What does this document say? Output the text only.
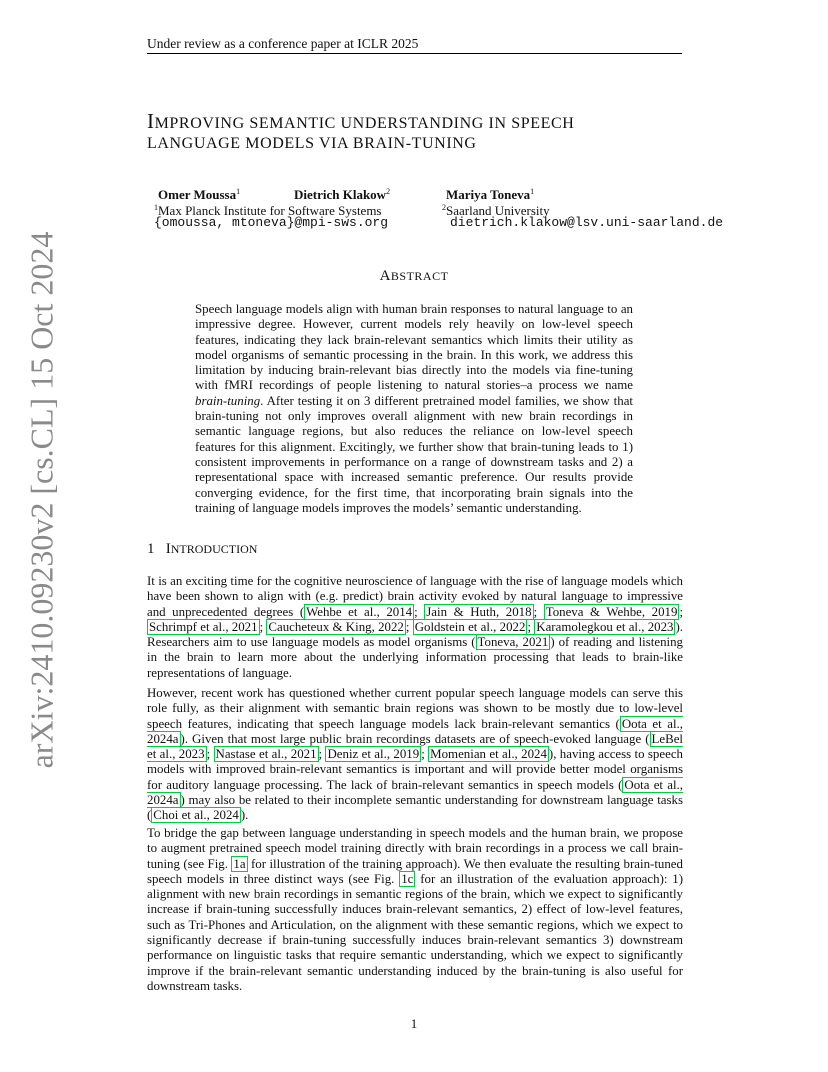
Under review as a conference paper at ICLR 2025
IMPROVING SEMANTIC UNDERSTANDING IN SPEECH
LANGUAGE MODELS VIA BRAIN-TUNING
Omer Moussa$^1$	Dietrich Klakow$^2$	Mariya Toneva$^1$
$^1$Max Planck Institute for Software Systems	$^2$Saarland University
{omoussa, mtoneva}@mpi-sws.org	dietrich.klakow@lsv.uni-saarland.de
ABSTRACT
Speech language models align with human brain responses to natural language to an impressive degree. However, current models rely heavily on low-level speech features, indicating they lack brain-relevant semantics which limits their utility as model organisms of semantic processing in the brain. In this work, we address this limitation by inducing brain-relevant bias directly into the models via fine-tuning with fMRI recordings of people listening to natural stories–a process we name brain-tuning. After testing it on 3 different pretrained model families, we show that brain-tuning not only improves overall alignment with new brain recordings in semantic language regions, but also reduces the reliance on low-level speech features for this alignment. Excitingly, we further show that brain-tuning leads to 1) consistent improvements in performance on a range of downstream tasks and 2) a representational space with increased semantic preference. Our results provide converging evidence, for the first time, that incorporating brain signals into the training of language models improves the models’ semantic understanding.
1 INTRODUCTION
It is an exciting time for the cognitive neuroscience of language with the rise of language models which have been shown to align with (e.g. predict) brain activity evoked by natural language to impressive and unprecedented degrees ( Wehbe et al., 2014 ; Jain & Huth, 2018 ; Toneva & Wehbe, 2019 ; Schrimpf et al., 2021 ; Caucheteux & King, 2022 ; Goldstein et al., 2022 ; Karamolegkou et al., 2023 ). Researchers aim to use language models as model organisms ( Toneva, 2021 ) of reading and listening in the brain to learn more about the underlying information processing that leads to brain-like representations of language.
However, recent work has questioned whether current popular speech language models can serve this role fully, as their alignment with semantic brain regions was shown to be mostly due to low-level speech features, indicating that speech language models lack brain-relevant semantics ( Oota et al., 2024a ). Given that most large public brain recordings datasets are of speech-evoked language ( LeBel et al., 2023 ; Nastase et al., 2021 ; Deniz et al., 2019 ; Momenian et al., 2024 ), having access to speech models with improved brain-relevant semantics is important and will provide better model organisms for auditory language processing. The lack of brain-relevant semantics in speech models ( Oota et al., 2024a ) may also be related to their incomplete semantic understanding for downstream language tasks ( Choi et al., 2024 ).
To bridge the gap between language understanding in speech models and the human brain, we propose to augment pretrained speech model training directly with brain recordings in a process we call brain-tuning (see Fig. 1a for illustration of the training approach). We then evaluate the resulting brain-tuned speech models in three distinct ways (see Fig. 1c for an illustration of the evaluation approach): 1) alignment with new brain recordings in semantic regions of the brain, which we expect to significantly increase if brain-tuning successfully induces brain-relevant semantics, 2) effect of low-level features, such as Tri-Phones and Articulation, on the alignment with these semantic regions, which we expect to significantly decrease if brain-tuning successfully induces brain-relevant semantics 3) downstream performance on linguistic tasks that require semantic understanding, which we expect to significantly improve if the brain-relevant semantic understanding induced by the brain-tuning is also useful for downstream tasks.
arXiv:2410.09230v2 [cs.CL] 15 Oct 2024
1
